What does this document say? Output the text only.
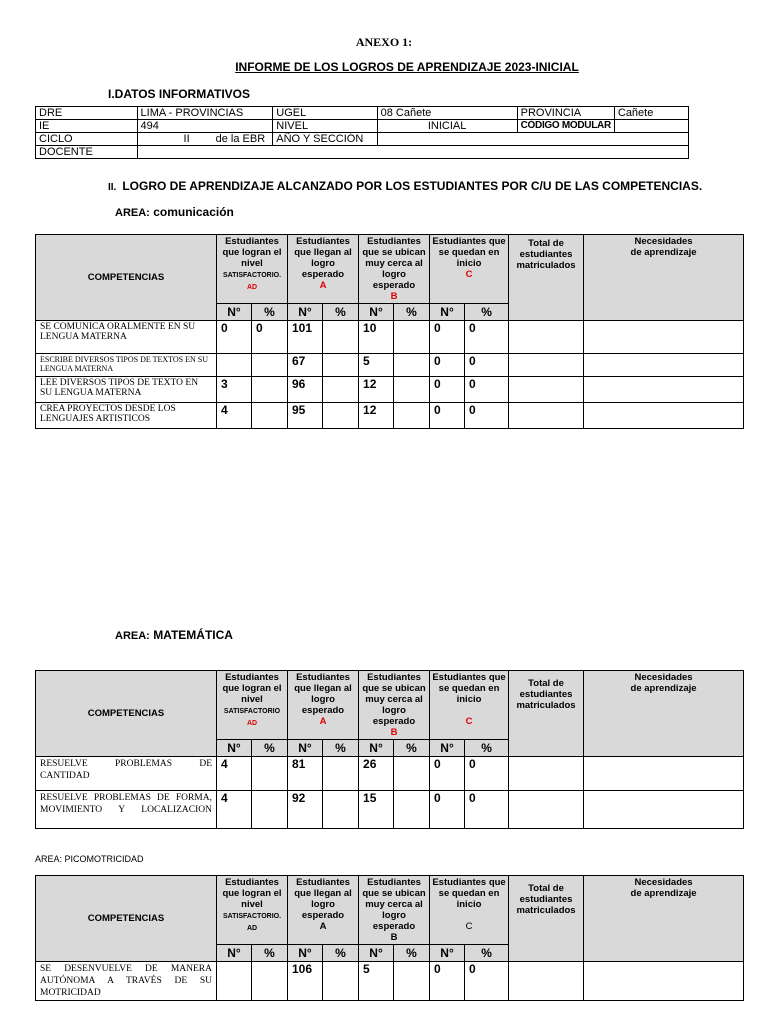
ANEXO 1:
INFORME DE LOS LOGROS DE APRENDIZAJE 2023-INICIAL
I.DATOS INFORMATIVOS
DRE	LIMA - PROVINCIAS	UGEL	08 Cañete	PROVINCIA	Cañete
IE	494	NIVEL	INICIAL	CÓDIGO MODULAR	
CICLO	II de la EBR	AÑO Y SECCIÓN			
DOCENTE					
II. LOGRO DE APRENDIZAJE ALCANZADO POR LOS ESTUDIANTES POR C/U DE LAS COMPETENCIAS.
AREA: comunicación
COMPETENCIAS	Estudiantes que logran el nivel
SATISFACTORIO.
AD		Estudiantes que llegan al logro esperado
A		Estudiantes que se ubican muy cerca al logro esperado
B		Estudiantes que se quedan en inicio
C		Total de estudiantes matriculados	Necesidades
de aprendizaje
	N°	%	N°	%	N°	%	N°	%		
SE COMUNICA ORALMENTE EN SU LENGUA MATERNA	0	0	101		10		0	0		
ESCRIBE DIVERSOS TIPOS DE TEXTOS EN SU LENGUA MATERNA			67		5		0	0		
LEE DIVERSOS TIPOS DE TEXTO EN SU LENGUA MATERNA	3		96		12		0	0		
CREA PROYECTOS DESDE LOS LENGUAJES ARTISTICOS	4		95		12		0	0		
AREA: MATEMÁTICA
COMPETENCIAS	Estudiantes que logran el nivel
SATISFACTORIO
AD		Estudiantes que llegan al logro esperado
A		Estudiantes que se ubican muy cerca al logro esperado
B		Estudiantes que se quedan en inicio

C		Total de estudiantes matriculados	Necesidades
de aprendizaje
	N°	%	N°	%	N°	%	N°	%		
RESUELVE PROBLEMAS DE CANTIDAD	4		81		26		0	0		
RESUELVE PROBLEMAS DE FORMA, MOVIMIENTO Y LOCALIZACION	4		92		15		0	0		
AREA: PICOMOTRICIDAD
COMPETENCIAS	Estudiantes que logran el nivel
SATISFACTORIO.
AD		Estudiantes que llegan al logro esperado
A		Estudiantes que se ubican muy cerca al logro esperado
B		Estudiantes que se quedan en inicio

C		Total de estudiantes matriculados	Necesidades
de aprendizaje
	N°	%	N°	%	N°	%	N°	%		
SE DESENVUELVE DE MANERA AUTÓNOMA A TRAVÉS DE SU MOTRICIDAD			106		5		0	0		
